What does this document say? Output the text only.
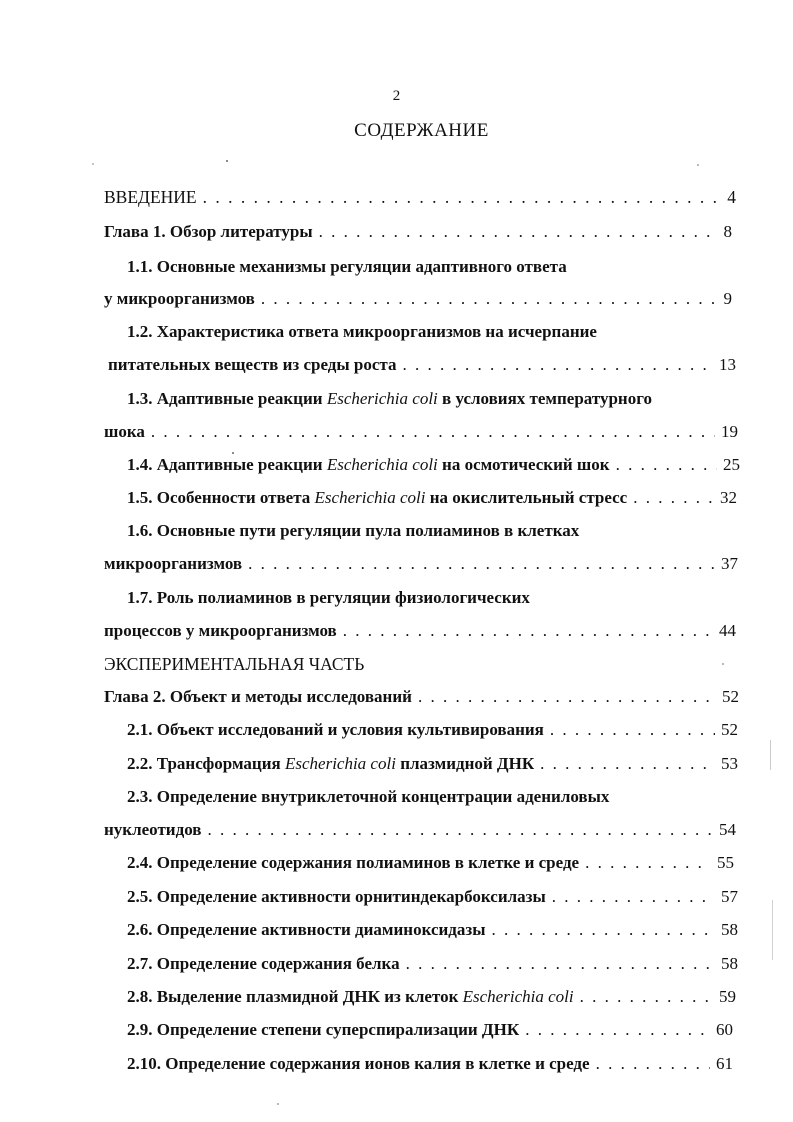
2
СОДЕРЖАНИЕ
ВВЕДЕНИЕ . . .	4
Глава 1. Обзор литературы . . .	8
1.1. Основные механизмы регуляции адаптивного ответа
у микроорганизмов . . .	9
1.2. Характеристика ответа микроорганизмов на исчерпание
питательных веществ из среды роста . . .	13
1.3. Адаптивные реакции Escherichia coli в условиях температурного
шока . . .	19
1.4. Адаптивные реакции Escherichia coli на осмотический шок . . .	25
1.5. Особенности ответа Escherichia coli на окислительный стресс . . .	32
1.6. Основные пути регуляции пула полиаминов в клетках
микроорганизмов . . .	37
1.7. Роль полиаминов в регуляции физиологических
процессов у микроорганизмов . . .	44
ЭКСПЕРИМЕНТАЛЬНАЯ ЧАСТЬ
Глава 2. Объект и методы исследований . . .	52
2.1. Объект исследований и условия культивирования . . .	52
2.2. Трансформация Escherichia coli плазмидной ДНК . . .	53
2.3. Определение внутриклеточной концентрации адениловых
нуклеотидов . . .	54
2.4. Определение содержания полиаминов в клетке и среде . . .	55
2.5. Определение активности орнитиндекарбоксилазы . . .	57
2.6. Определение активности диаминоксидазы . . .	58
2.7. Определение содержания белка . . .	58
2.8. Выделение плазмидной ДНК из клеток Escherichia coli . . .	59
2.9. Определение степени суперспирализации ДНК . . .	60
2.10. Определение содержания ионов калия в клетке и среде . . .	61
